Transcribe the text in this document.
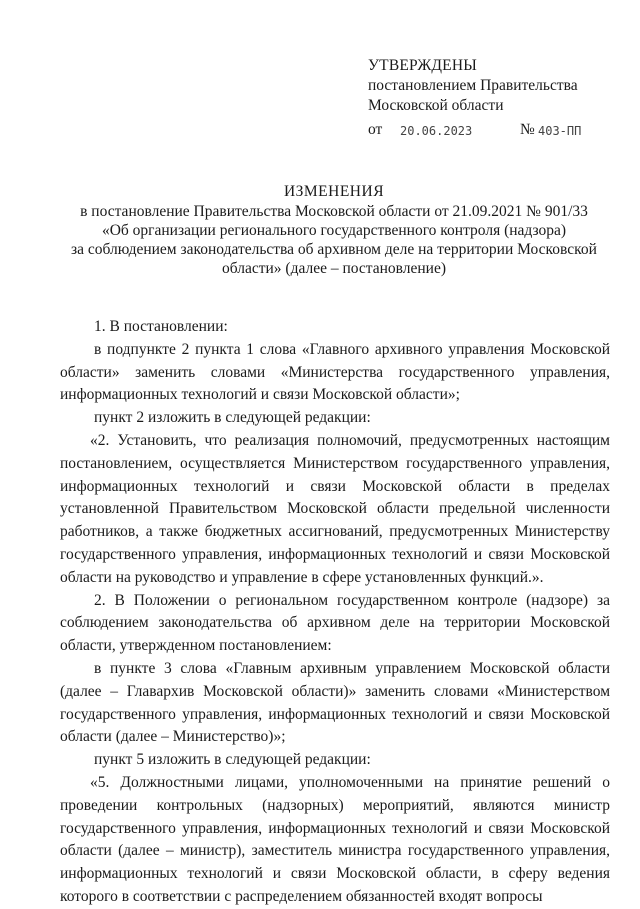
УТВЕРЖДЕНЫ
постановлением Правительства
Московской области
от 20.06.2023	№ 403-ПП
ИЗМЕНЕНИЯ
в постановление Правительства Московской области от 21.09.2021 № 901/33
«Об организации регионального государственного контроля (надзора)
за соблюдением законодательства об архивном деле на территории Московской
области» (далее – постановление)

1. В постановлении:

в подпункте 2 пункта 1 слова «Главного архивного управления Московской области» заменить словами «Министерства государственного управления, информационных технологий и связи Московской области»;

пункт 2 изложить в следующей редакции:

«2. Установить, что реализация полномочий, предусмотренных настоящим постановлением, осуществляется Министерством государственного управления, информационных технологий и связи Московской области в пределах установленной Правительством Московской области предельной численности работников, а также бюджетных ассигнований, предусмотренных Министерству государственного управления, информационных технологий и связи Московской области на руководство и управление в сфере установленных функций.».

2. В Положении о региональном государственном контроле (надзоре) за соблюдением законодательства об архивном деле на территории Московской области, утвержденном постановлением:

в пункте 3 слова «Главным архивным управлением Московской области (далее – Главархив Московской области)» заменить словами «Министерством государственного управления, информационных технологий и связи Московской области (далее – Министерство)»;

пункт 5 изложить в следующей редакции:

«5. Должностными лицами, уполномоченными на принятие решений о проведении контрольных (надзорных) мероприятий, являются министр государственного управления, информационных технологий и связи Московской области (далее – министр), заместитель министра государственного управления, информационных технологий и связи Московской области, в сферу ведения которого в соответствии с распределением обязанностей входят вопросы
